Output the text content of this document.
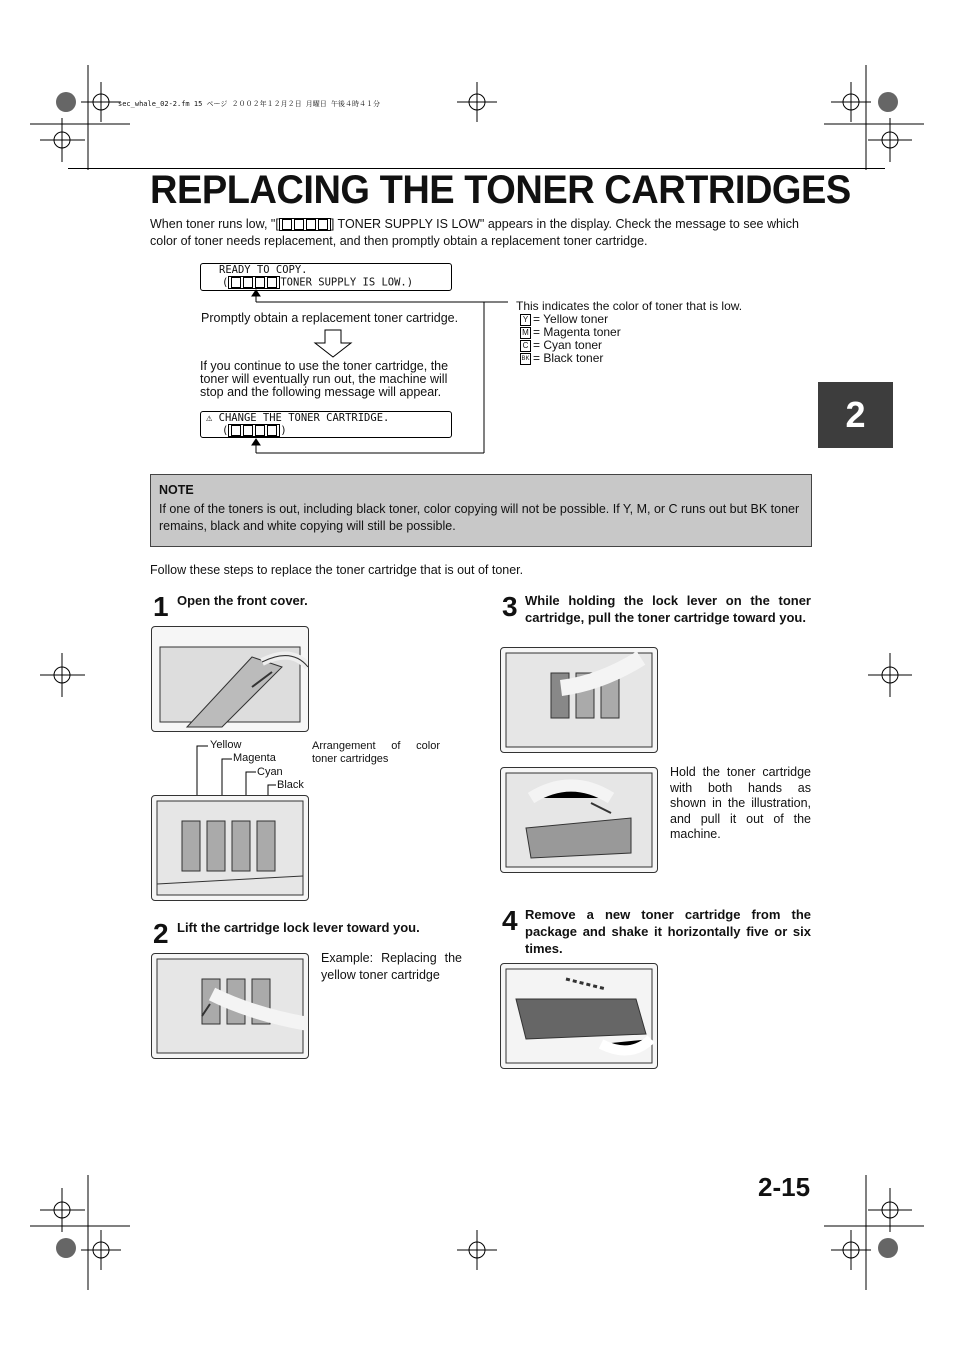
sec_whale_02-2.fm 15 ページ ２００２年１２月２日 月曜日 午後４時４１分
REPLACING THE TONER CARTRIDGES
When toner runs low, "[	] TONER SUPPLY IS LOW" appears in the display. Check the message to see which color of toner needs replacement, and then promptly obtain a replacement toner cartridge.
READY TO COPY.
(	TONER SUPPLY IS LOW.)
Promptly obtain a replacement toner cartridge.
If you continue to use the toner cartridge, the toner will eventually run out, the machine will stop and the following message will appear.
⚠ CHANGE THE TONER CARTRIDGE.
(	)
This indicates the color of toner that is low.
Y = Yellow toner
M = Magenta toner
C = Cyan toner
BK = Black toner
2
NOTE
If one of the toners is out, including black toner, color copying will not be possible. If Y, M, or C runs out but BK toner remains, black and white copying will still be possible.
Follow these steps to replace the toner cartridge that is out of toner.
1 Open the front cover.
Arrangement of color toner cartridges
Yellow
Magenta
Cyan
Black
2 Lift the cartridge lock lever toward you.
Example: Replacing the yellow toner cartridge
3 While holding the lock lever on the toner cartridge, pull the toner cartridge toward you.
Hold the toner cartridge with both hands as shown in the illustration, and pull it out of the machine.
4 Remove a new toner cartridge from the package and shake it horizontally five or six times.
2-15
